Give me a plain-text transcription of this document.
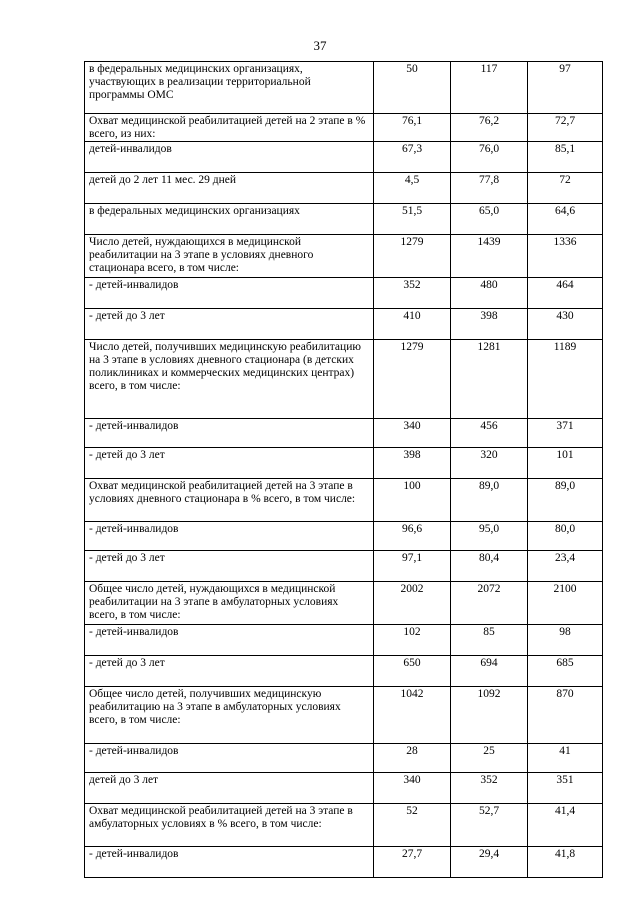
37
в федеральных медицинских организациях, участвующих в реализации территориальной программы ОМС	50	117	97
Охват медицинской реабилитацией детей на 2 этапе в % всего, из них:	76,1	76,2	72,7
детей-инвалидов	67,3	76,0	85,1
детей до 2 лет 11 мес. 29 дней	4,5	77,8	72
в федеральных медицинских организациях	51,5	65,0	64,6
Число детей, нуждающихся в медицинской реабилитации на 3 этапе в условиях дневного стационара всего, в том числе:	1279	1439	1336
- детей-инвалидов	352	480	464
- детей до 3 лет	410	398	430
Число детей, получивших медицинскую реабилитацию на 3 этапе в условиях дневного стационара (в детских поликлиниках и коммерческих медицинских центрах) всего, в том числе:	1279	1281	1189
- детей-инвалидов	340	456	371
- детей до 3 лет	398	320	101
Охват медицинской реабилитацией детей на 3 этапе в условиях дневного стационара в % всего, в том числе:	100	89,0	89,0
- детей-инвалидов	96,6	95,0	80,0
- детей до 3 лет	97,1	80,4	23,4
Общее число детей, нуждающихся в медицинской реабилитации на 3 этапе в амбулаторных условиях всего, в том числе:	2002	2072	2100
- детей-инвалидов	102	85	98
- детей до 3 лет	650	694	685
Общее число детей, получивших медицинскую реабилитацию на 3 этапе в амбулаторных условиях всего, в том числе:	1042	1092	870
- детей-инвалидов	28	25	41
детей до 3 лет	340	352	351
Охват медицинской реабилитацией детей на 3 этапе в амбулаторных условиях в % всего, в том числе:	52	52,7	41,4
- детей-инвалидов	27,7	29,4	41,8
